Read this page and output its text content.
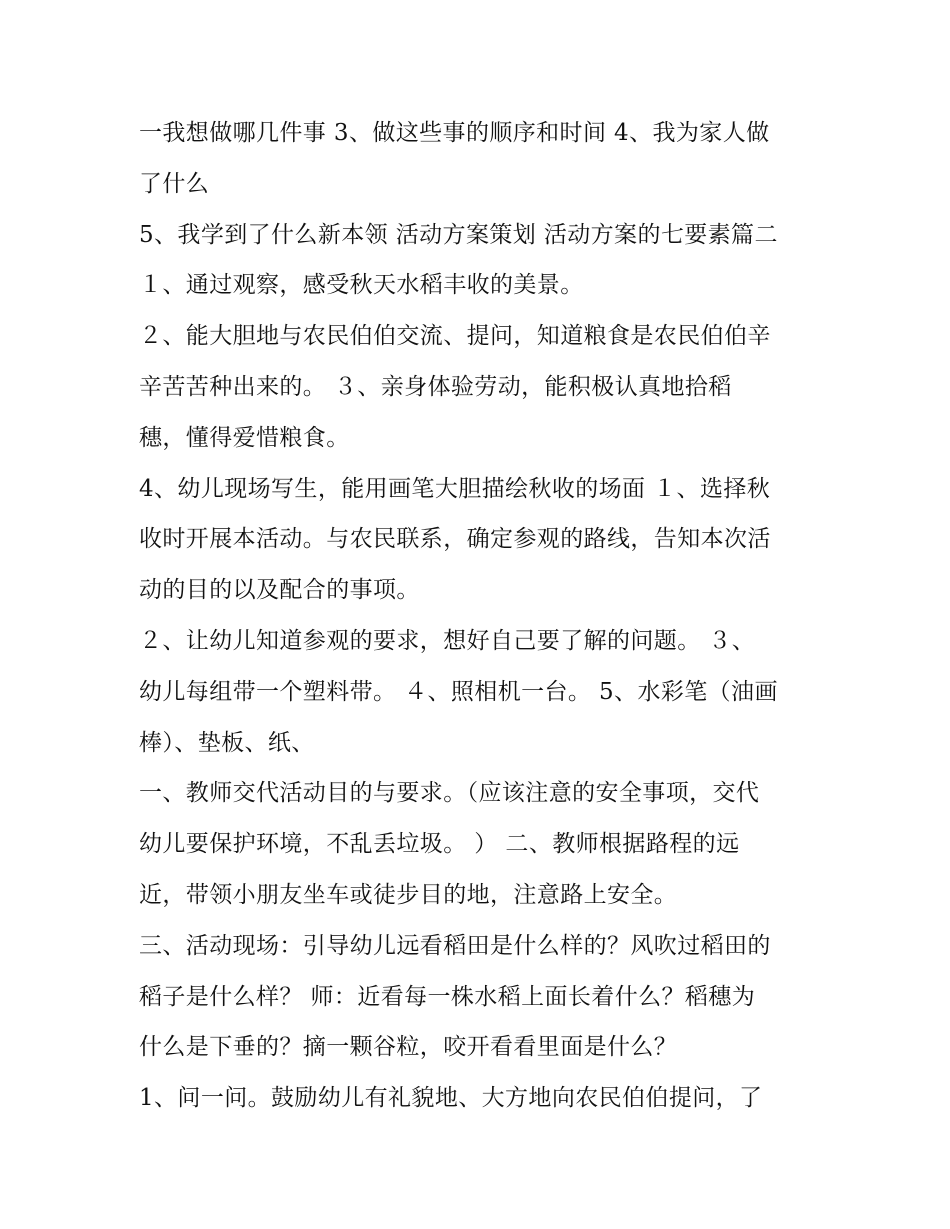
一我想做哪几件事 3、做这些事的顺序和时间 4、我为家人做
了什么
5、我学到了什么新本领 活动方案策划 活动方案的七要素篇二
１、通过观察，感受秋天水稻丰收的美景。
２、能大胆地与农民伯伯交流、提问，知道粮食是农民伯伯辛
辛苦苦种出来的。 ３、亲身体验劳动，能积极认真地拾稻
穗，懂得爱惜粮食。
4、幼儿现场写生，能用画笔大胆描绘秋收的场面 １、选择秋
收时开展本活动。与农民联系，确定参观的路线，告知本次活
动的目的以及配合的事项。
２、让幼儿知道参观的要求，想好自己要了解的问题。 ３、
幼儿每组带一个塑料带。 ４、照相机一台。 5、水彩笔（油画
棒）、垫板、纸、
一、教师交代活动目的与要求。（应该注意的安全事项，交代
幼儿要保护环境，不乱丢垃圾。 ） 二、教师根据路程的远
近，带领小朋友坐车或徒步目的地，注意路上安全。
三、活动现场：引导幼儿远看稻田是什么样的？风吹过稻田的
稻子是什么样？ 师：近看每一株水稻上面长着什么？稻穗为
什么是下垂的？摘一颗谷粒，咬开看看里面是什么？
1、问一问。鼓励幼儿有礼貌地、大方地向农民伯伯提问，了
